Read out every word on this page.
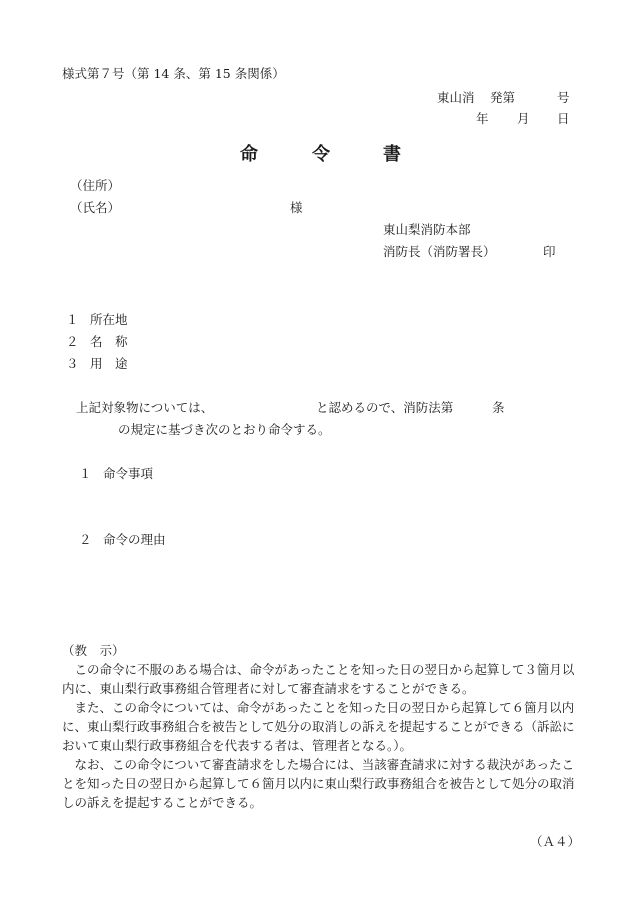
様式第７号（第 14 条、第 15 条関係）
東山消 発第	号
年 月 日
命	令	書
（住所）
（氏名）	様
東山梨消防本部
消防長（消防署長）	印
１ 所在地
２ 名　称
３ 用　途
上記対象物については、	と認めるので、消防法第	条
の規定に基づき次のとおり命令する。
１ 命令事項
２ 命令の理由
（教　示）

この命令に不服のある場合は、命令があったことを知った日の翌日から起算して３箇月以内に、東山梨行政事務組合管理者に対して審査請求をすることができる。

また、この命令については、命令があったことを知った日の翌日から起算して６箇月以内に、東山梨行政事務組合を被告として処分の取消しの訴えを提起することができる（訴訟において東山梨行政事務組合を代表する者は、管理者となる。）。

なお、この命令について審査請求をした場合には、当該審査請求に対する裁決があったことを知った日の翌日から起算して６箇月以内に東山梨行政事務組合を被告として処分の取消しの訴えを提起することができる。

（Ａ４）
